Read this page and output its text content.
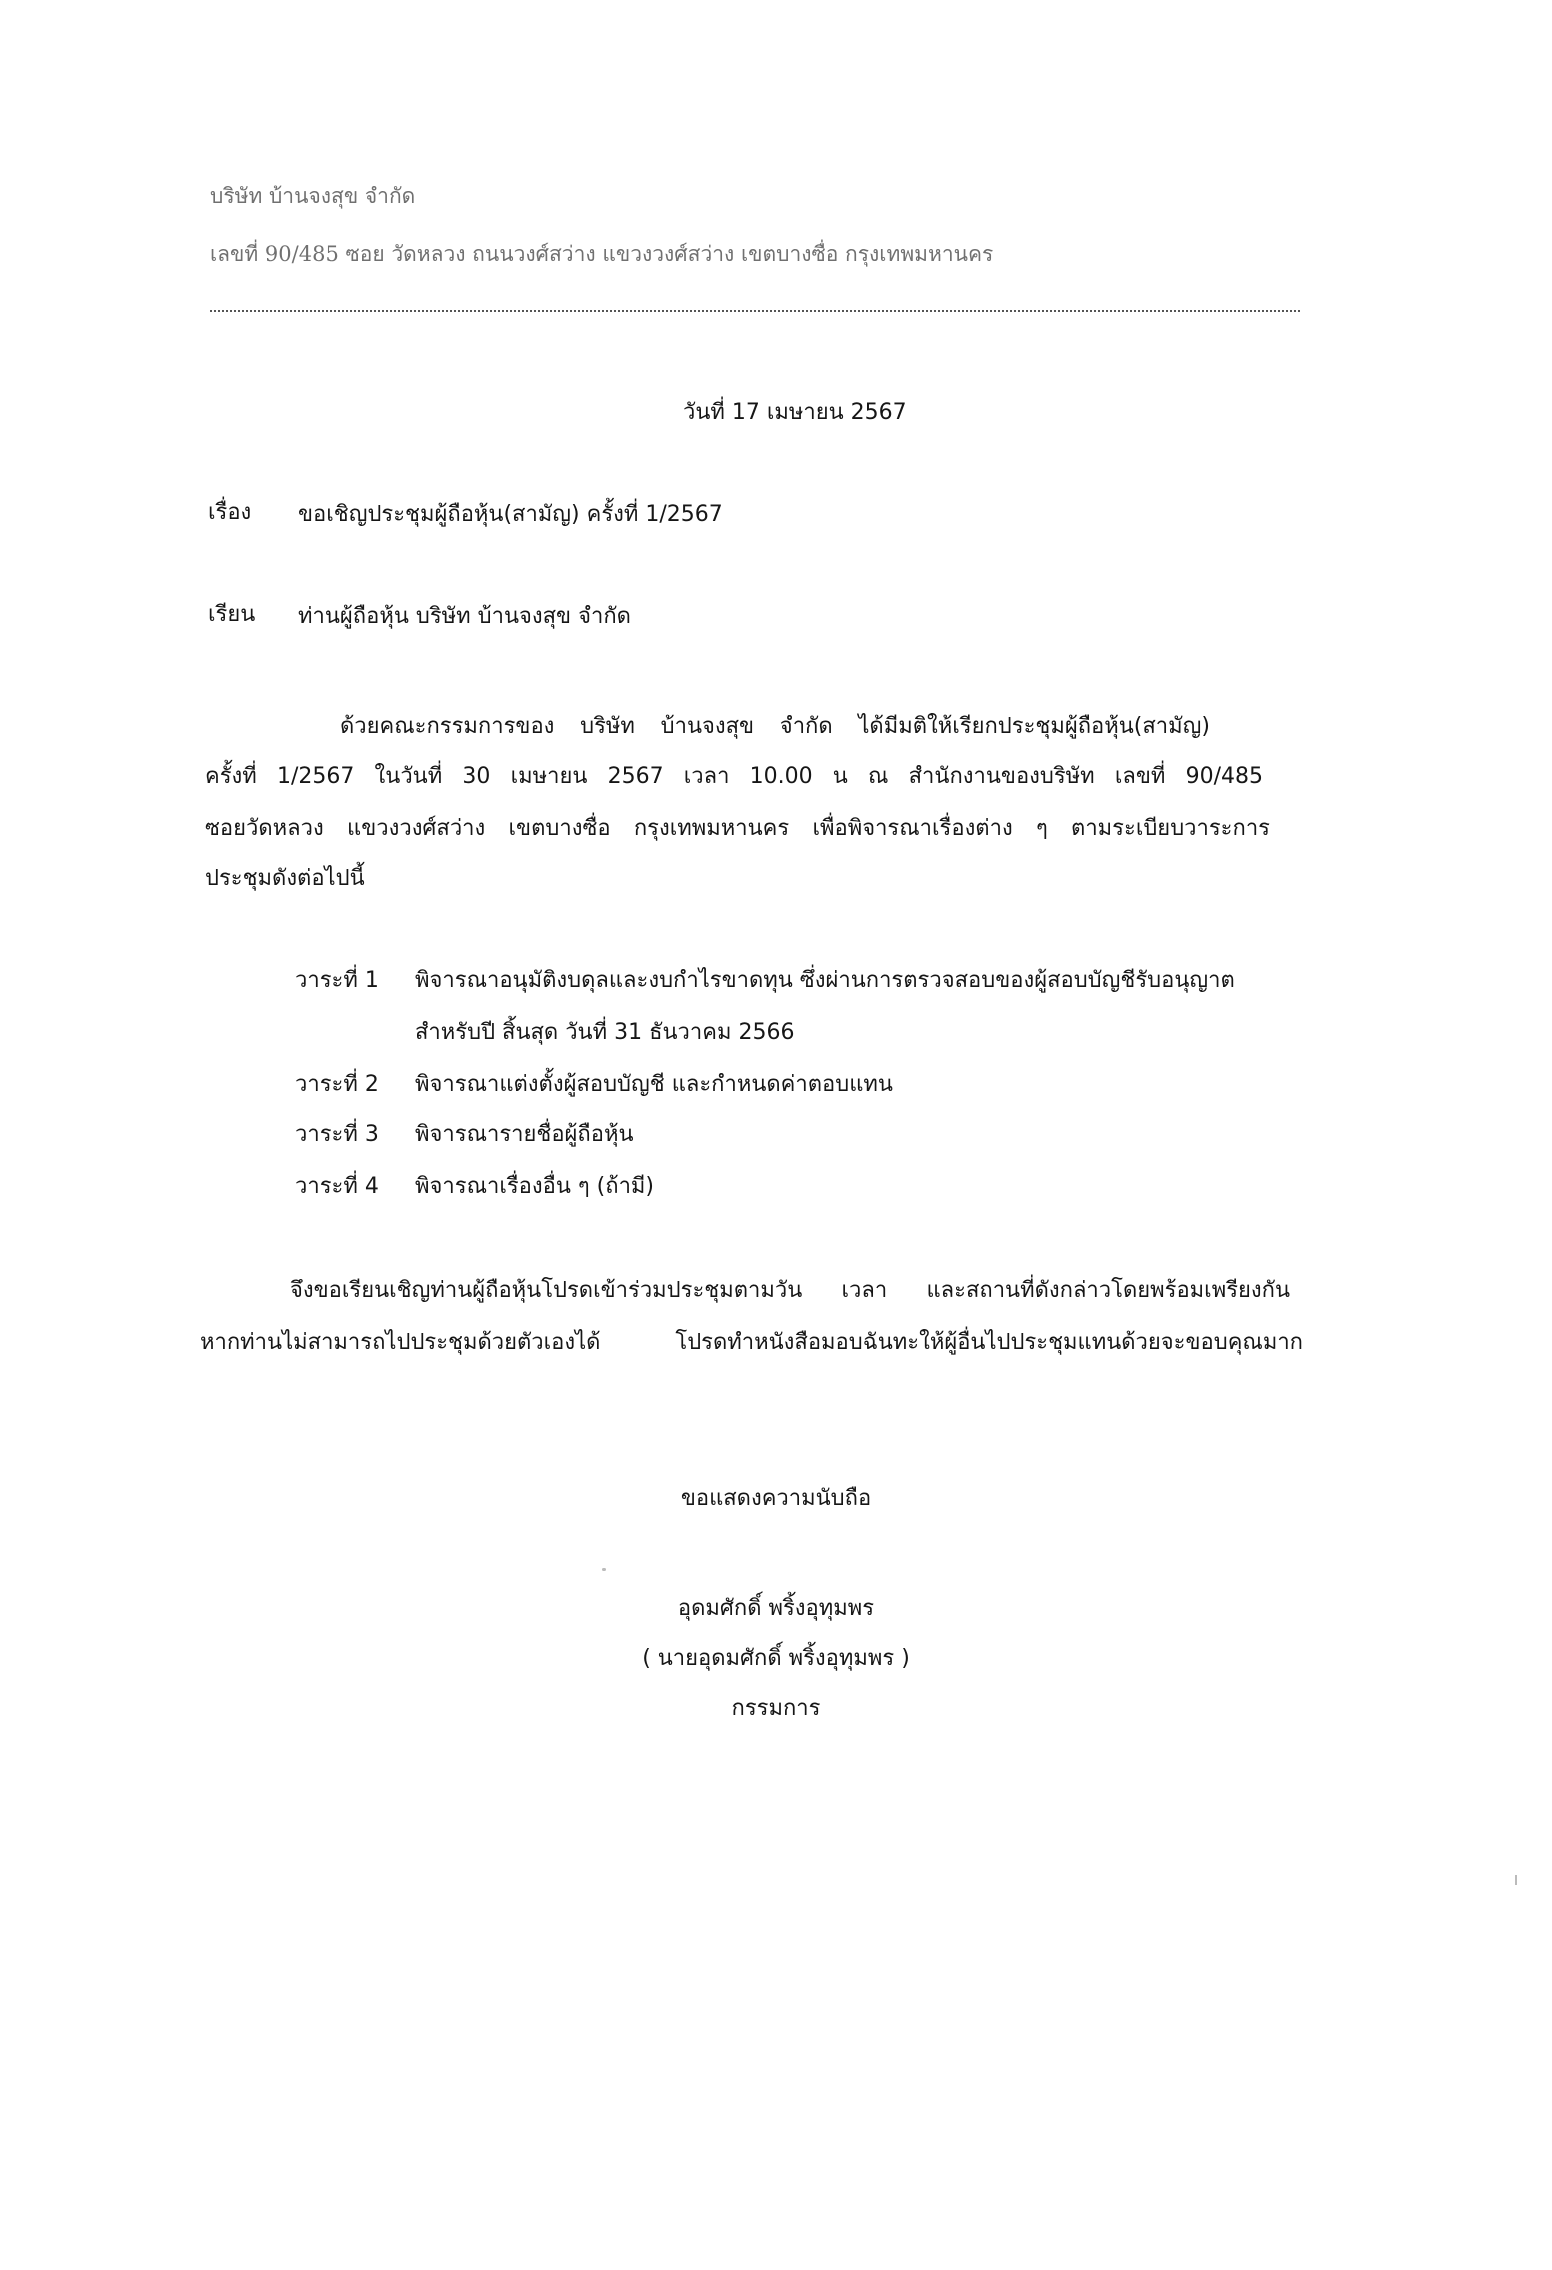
บริษัท บ้านจงสุข จำกัด
เลขที่ 90/485 ซอย วัดหลวง ถนนวงศ์สว่าง แขวงวงศ์สว่าง เขตบางซื่อ กรุงเทพมหานคร
วันที่ 17 เมษายน 2567
เรื่อง ขอเชิญประชุมผู้ถือหุ้น(สามัญ) ครั้งที่ 1/2567
เรียน ท่านผู้ถือหุ้น บริษัท บ้านจงสุข จำกัด
ด้วยคณะกรรมการของ บริษัท บ้านจงสุข จำกัด ได้มีมติให้เรียกประชุมผู้ถือหุ้น(สามัญ)
ครั้งที่ 1/2567 ในวันที่ 30 เมษายน 2567 เวลา 10.00 น ณ สำนักงานของบริษัท เลขที่ 90/485
ซอยวัดหลวง แขวงวงศ์สว่าง เขตบางซื่อ กรุงเทพมหานคร เพื่อพิจารณาเรื่องต่าง ๆ ตามระเบียบวาระการ
ประชุมดังต่อไปนี้
วาระที่ 1 พิจารณาอนุมัติงบดุลและงบกำไรขาดทุน ซึ่งผ่านการตรวจสอบของผู้สอบบัญชีรับอนุญาต
สำหรับปี สิ้นสุด วันที่ 31 ธันวาคม 2566
วาระที่ 2 พิจารณาแต่งตั้งผู้สอบบัญชี และกำหนดค่าตอบแทน
วาระที่ 3 พิจารณารายชื่อผู้ถือหุ้น
วาระที่ 4 พิจารณาเรื่องอื่น ๆ (ถ้ามี)
จึงขอเรียนเชิญท่านผู้ถือหุ้นโปรดเข้าร่วมประชุมตามวัน เวลา และสถานที่ดังกล่าวโดยพร้อมเพรียงกัน
หากท่านไม่สามารถไปประชุมด้วยตัวเองได้ โปรดทำหนังสือมอบฉันทะให้ผู้อื่นไปประชุมแทนด้วยจะขอบคุณมาก
ขอแสดงความนับถือ
อุดมศักดิ์ พริ้งอุทุมพร
( นายอุดมศักดิ์ พริ้งอุทุมพร )
กรรมการ
